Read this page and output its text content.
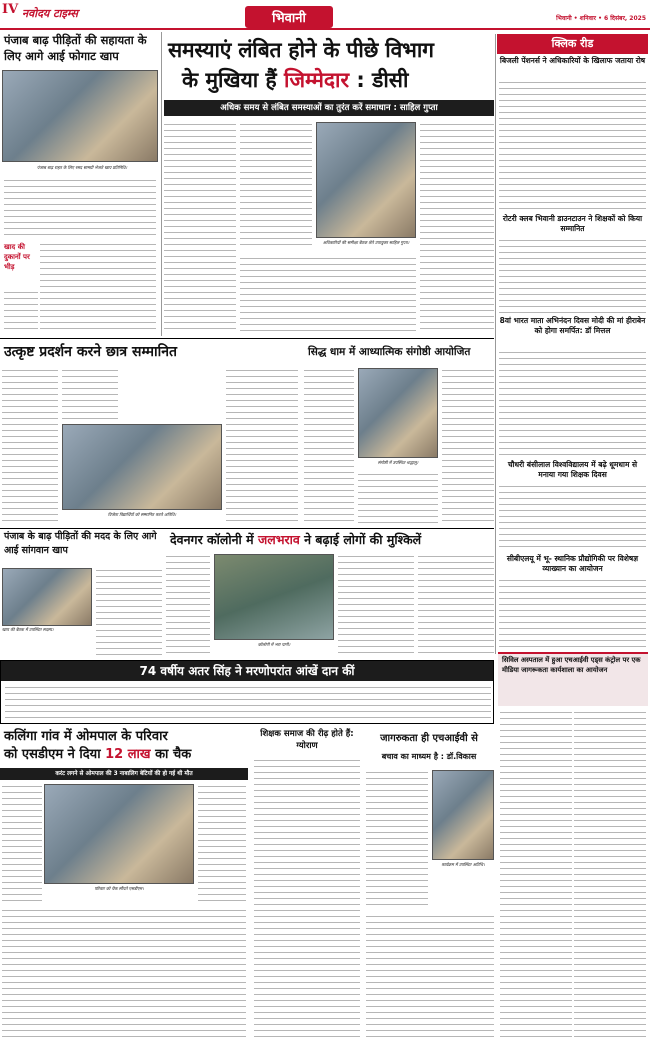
IV नवोदय टाइम्स	भिवानी	भिवानी • शनिवार • 6 दिसंबर, 2025
पंजाब बाढ़ पीड़ितों की सहायता के लिए आगे आई फोगाट खाप
पंजाब बाढ़ राहत के लिए रसद सामग्री भेजते खाप प्रतिनिधि।
खाद की दुकानों पर भीड़
समस्याएं लंबित होने के पीछे विभाग
के मुखिया हैं जिम्मेदार : डीसी
अधिक समय से लंबित समस्याओं का तुरंत करें समाधान : साहिल गुप्ता
अधिकारियों की समीक्षा बैठक लेते उपायुक्त साहिल गुप्ता।
क्लिक रीड
बिजली पेंशनर्स ने अधिकारियों के खिलाफ जताया रोष
रोटरी क्लब भिवानी डाउनटाउन ने शिक्षकों को किया सम्मानित
8वां भारत माता अभिनंदन दिवस मोदी की मां हीराबेन को होगा समर्पित: डॉ मित्तल
चौधरी बंसीलाल विश्वविद्यालय में बढ़े धूमधाम से मनाया गया शिक्षक दिवस
सीबीएलयू में भू- स्थानिक प्रौद्योगिकी पर विशेषज्ञ व्याख्यान का आयोजन
उत्कृष्ट प्रदर्शन करने छात्र सम्मानित
विजेता विद्यार्थियों को सम्मानित करते अतिथि।
सिद्ध धाम में आध्यात्मिक संगोष्ठी आयोजित
संगोष्ठी में उपस्थित श्रद्धालु।
पंजाब के बाढ़ पीड़ितों की मदद के लिए आगे आई सांगवान खाप
खाप की बैठक में उपस्थित सदस्य।
देवनगर कॉलोनी में जलभराव ने बढ़ाई लोगों की मुश्किलें
कॉलोनी में भरा पानी।
74 वर्षीय अतर सिंह ने मरणोपरांत आंखें दान कीं
कलिंगा गांव में ओमपाल के परिवार
को एसडीएम ने दिया 12 लाख का चैक
करंट लगने से ओमपाल की 3 नाबालिग बेटियों की हो गई थी मौत
परिवार को चैक सौंपते एसडीएम।
शिक्षक समाज की रीढ़ होते हैं: ग्योराण
जागरुकता ही एचआईवी से
बचाव का माध्यम है : डॉ.विकास
कार्यक्रम में उपस्थित अतिथि।
सिविल अस्पताल में हुआ एचआईवी एड्स कंट्रोल पर एक मीडिया जागरूकता कार्यशाला का आयोजन
